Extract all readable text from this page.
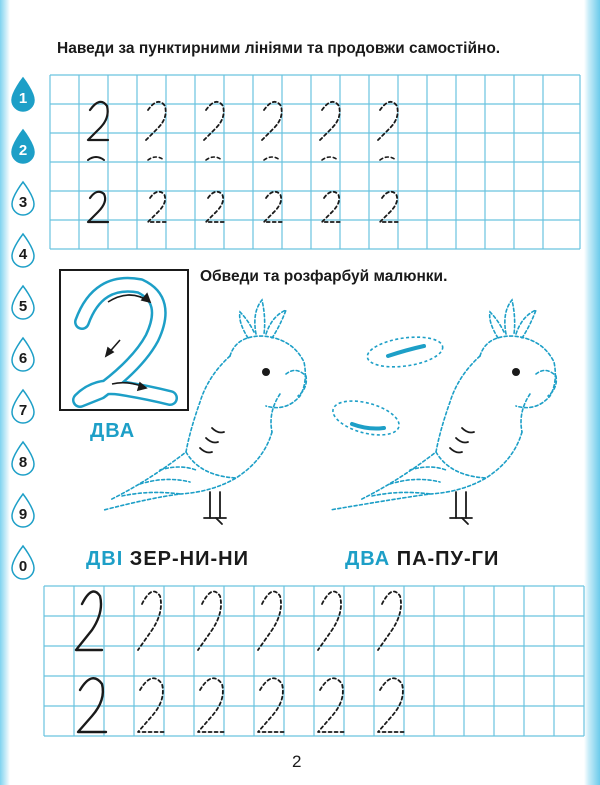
Наведи за пунктирними лініями та продовжи самостійно.
1
2
3
4
5
6
7
8
9
0
ДВА
Обведи та розфарбуй малюнки.
ДВІ ЗЕР-НИ-НИ	ДВА ПА-ПУ-ГИ
2
